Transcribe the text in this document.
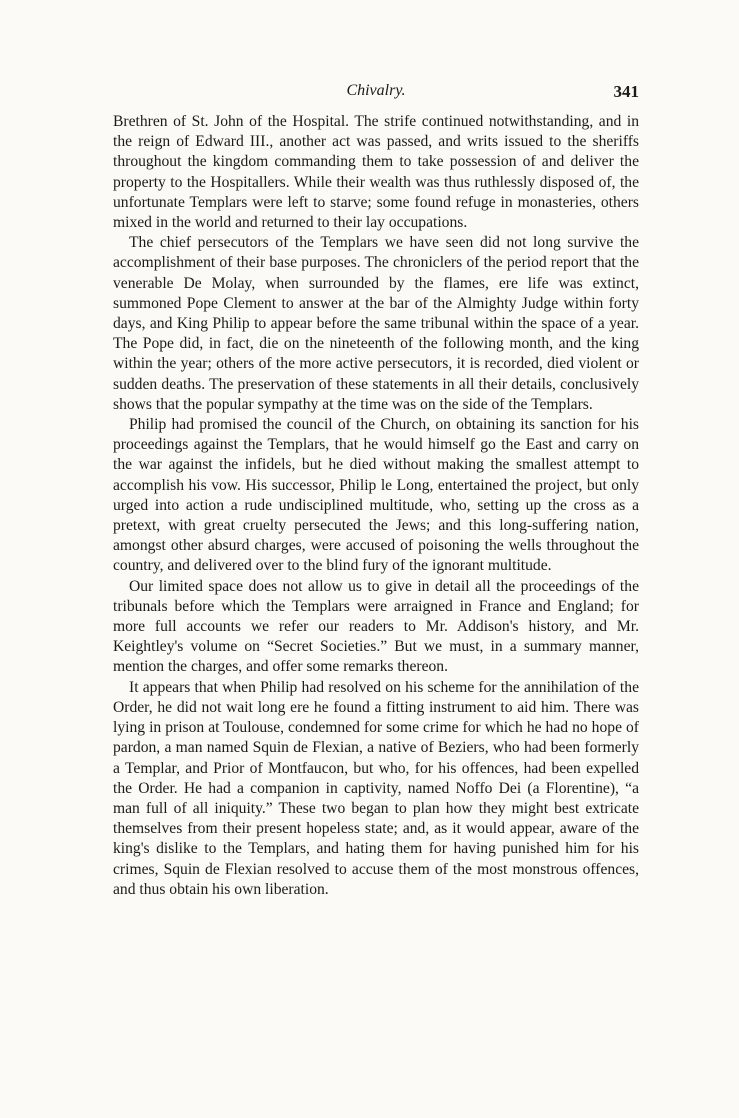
Chivalry.	341

Brethren of St. John of the Hospital. The strife continued notwithstanding, and in the reign of Edward III., another act was passed, and writs issued to the sheriffs throughout the kingdom commanding them to take possession of and deliver the property to the Hospitallers. While their wealth was thus ruthlessly disposed of, the unfortunate Templars were left to starve; some found refuge in monasteries, others mixed in the world and returned to their lay occupations.

The chief persecutors of the Templars we have seen did not long survive the accomplishment of their base purposes. The chroniclers of the period report that the venerable De Molay, when surrounded by the flames, ere life was extinct, summoned Pope Clement to answer at the bar of the Almighty Judge within forty days, and King Philip to appear before the same tribunal within the space of a year. The Pope did, in fact, die on the nineteenth of the following month, and the king within the year; others of the more active persecutors, it is recorded, died violent or sudden deaths. The preservation of these statements in all their details, conclusively shows that the popular sympathy at the time was on the side of the Templars.

Philip had promised the council of the Church, on obtaining its sanction for his proceedings against the Templars, that he would himself go the East and carry on the war against the infidels, but he died without making the smallest attempt to accomplish his vow. His successor, Philip le Long, entertained the project, but only urged into action a rude undisciplined multitude, who, setting up the cross as a pretext, with great cruelty persecuted the Jews; and this long-suffering nation, amongst other absurd charges, were accused of poisoning the wells throughout the country, and delivered over to the blind fury of the ignorant multitude.

Our limited space does not allow us to give in detail all the proceedings of the tribunals before which the Templars were arraigned in France and England; for more full accounts we refer our readers to Mr. Addison's history, and Mr. Keightley's volume on “Secret Societies.” But we must, in a summary manner, mention the charges, and offer some remarks thereon.

It appears that when Philip had resolved on his scheme for the annihilation of the Order, he did not wait long ere he found a fitting instrument to aid him. There was lying in prison at Toulouse, condemned for some crime for which he had no hope of pardon, a man named Squin de Flexian, a native of Beziers, who had been formerly a Templar, and Prior of Montfaucon, but who, for his offences, had been expelled the Order. He had a companion in captivity, named Noffo Dei (a Florentine), “a man full of all iniquity.” These two began to plan how they might best extricate themselves from their present hopeless state; and, as it would appear, aware of the king's dislike to the Templars, and hating them for having punished him for his crimes, Squin de Flexian resolved to accuse them of the most monstrous offences, and thus obtain his own liberation.
